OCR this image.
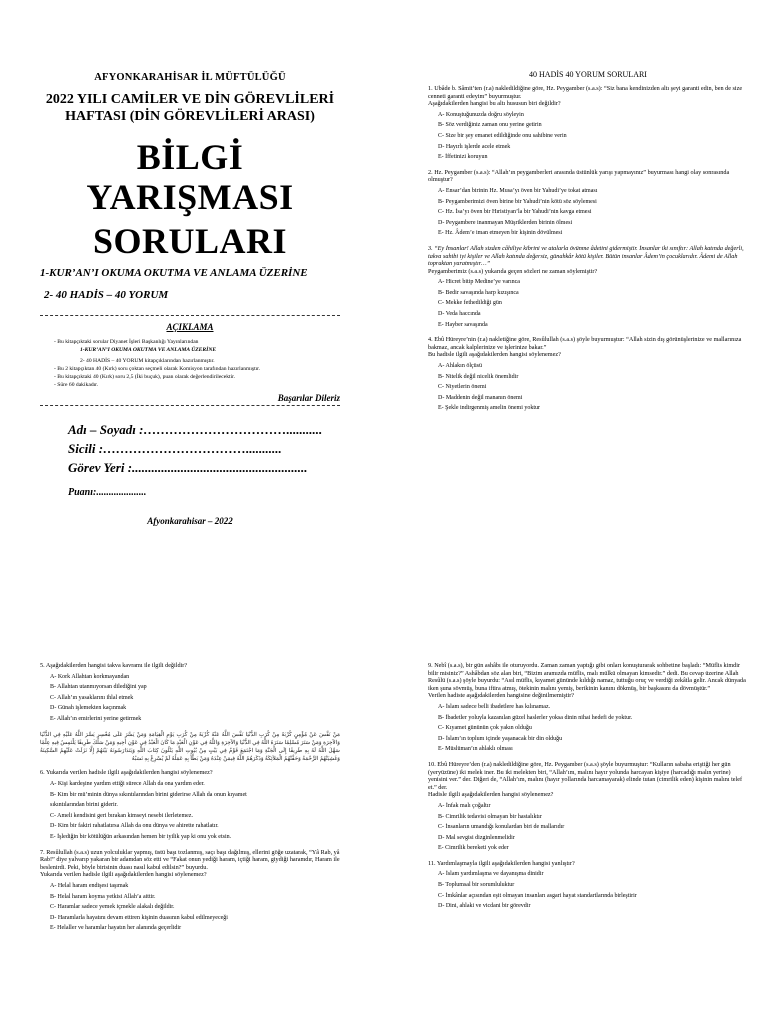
AFYONKARAHİSAR İL MÜFTÜLÜĞÜ
2022 YILI CAMİLER VE DİN GÖREVLİLERİ
HAFTASI (DİN GÖREVLİLERİ ARASI)
BİLGİ YARIŞMASI
SORULARI
1-KUR’AN’I OKUMA OKUTMA VE ANLAMA ÜZERİNE
2- 40 HADİS – 40 YORUM
AÇIKLAMA
- Bu kitapçıktaki sorular Diyanet İşleri Başkanlığı Yayınlarından
1-KUR’AN’I OKUMA OKUTMA VE ANLAMA ÜZERİNE
2- 40 HADİS – 40 YORUM kitapçıklarından hazırlanmıştır.
- Bu 2 kitapçıktan 40 (Kırk) soru çoktan seçmeli olarak Komisyon tarafından hazırlanmıştır.
- Bu kitapçıktaki 40 (Kırk) soru 2,5 (İki buçuk), puan olarak değerlendirilecektir.
- Süre 60 dakikadır.
Başarılar Dileriz
Adı – Soyadı :……………………………...........
Sicili :……………………………...........
Görev Yeri :......................................................
Puanı:....................
Afyonkarahisar – 2022
40 HADİS 40 YORUM SORULARI
1. Ubâde b. Sâmit’ten (r.a) nakledildiğine göre, Hz. Peygamber (s.a.s): “Siz bana kendinizden altı şeyi garanti edin, ben de size cenneti garanti edeyim” buyurmuştur.
Aşağıdakilerden hangisi bu altı hususun biri değildir?
A- Konuştuğunuzda doğru söyleyin
B- Söz verdiğiniz zaman onu yerine getirin
C- Size bir şey emanet edildiğinde onu sahibine verin
D- Hayırlı işlerde acele etmek
E- İffetinizi koruyun
2. Hz. Peygamber (s.a.s): “Allah’ın peygamberleri arasında üstünlük yarışı yapmayınız” buyurması hangi olay sonrasında olmuştur?
A- Ensar’dan birinin Hz. Musa’yı öven bir Yahudi’ye tokat atması
B- Peygamberimizi öven birine bir Yahudi’nin kötü söz söylemesi
C- Hz. İsa’yı öven bir Hıristiyan’la bir Yahudi’nin kavga etmesi
D- Peygambere inanmayan Müşriklerden birinin ölmesi
E- Hz. Âdem’e iman etmeyen bir kişinin dövülmesi
3. “Ey İnsanlar! Allah sizden câhiliye kibrini ve atalarla övünme âdetini gidermiştir. İnsanlar iki sınıftır: Allah katında değerli, takva sahibi iyi kişiler ve Allah katında değersiz, günahkâr kötü kişiler. Bütün insanlar Âdem’in çocuklarıdır. Âdemi de Allah topraktan yaratmıştır…”
Peygamberimiz (s.a.s) yukarıda geçen sözleri ne zaman söylemiştir?
A- Hicret bitip Medine’ye varınca
B- Bedir savaşında harp kızışınca
C- Mekke fethedildiği gün
D- Veda haccında
E- Hayber savaşında
4. Ebû Hüreyre’nin (r.a) nakletiğine göre, Resûlullah (s.a.s) şöyle buyurmuştur: “Allah sizin dış görünüşlerinize ve mallarınıza bakmaz, ancak kalplerinize ve işlerinize bakar.”
Bu hadisle ilgili aşağıdakilerden hangisi söylenemez?
A- Ahlakın ölçüsü
B- Nitelik değil nicelik önemlidir
C- Niyetlerin önemi
D- Maddenin değil mananın önemi
E- Şekle indirgenmiş amelin önemi yoktur
5. Aşağıdakilerden hangisi takva kavramı ile ilgili değildir?
A- Kork Allahtan korkmayandan
B- Allahtan utanmıyorsan dilediğini yap
C- Allah’ın yasaklarını ihlal etmek
D- Günah işlemekten kaçınmak
E- Allah’ın emirlerini yerine getirmek
مَنْ نَفَّسَ عَنْ مُؤْمِنٍ كُرْبَةً مِنْ كُرَبِ الدُّنْيَا نَفَّسَ اللَّهُ عَنْهُ كُرْبَةً مِنْ كُرَبِ يَوْمِ الْقِيَامَةِ وَمَنْ يَسَّرَ عَلَى مُعْسِرٍ يَسَّرَ اللَّهُ عَلَيْهِ فِي الدُّنْيَا وَالآخِرَةِ وَمَنْ سَتَرَ مُسْلِمًا سَتَرَهُ اللَّهُ فِي الدُّنْيَا وَالآخِرَةِ وَاللَّهُ فِي عَوْنِ الْعَبْدِ مَا كَانَ الْعَبْدُ فِي عَوْنِ أَخِيهِ وَمَنْ سَلَكَ طَرِيقًا يَلْتَمِسُ فِيهِ عِلْمًا سَهَّلَ اللَّهُ لَهُ بِهِ طَرِيقًا إِلَى الْجَنَّةِ وَمَا اجْتَمَعَ قَوْمٌ فِي بَيْتٍ مِنْ بُيُوتِ اللَّهِ يَتْلُونَ كِتَابَ اللَّهِ وَيَتَدَارَسُونَهُ بَيْنَهُمْ إِلَّا نَزَلَتْ عَلَيْهِمُ السَّكِينَةُ وَغَشِيَتْهُمُ الرَّحْمَةُ وَحَفَّتْهُمُ الْمَلاَئِكَةُ وَذَكَرَهُمُ اللَّهُ فِيمَنْ عِنْدَهُ وَمَنْ بَطَّأَ بِهِ عَمَلُهُ لَمْ يُسْرِعْ بِهِ نَسَبُهُ
6. Yukarıda verilen hadisle ilgili aşağıdakilerden hangisi söylenemez?
A- Kişi kardeşine yardım ettiği sürece Allah da ona yardım eder.
B- Kim bir mü’minin dünya sıkıntılarından birini giderirse Allah da onun kıyamet
sıkıntılarından birini giderir.
C- Ameli kendisini geri bırakan kimseyi nesebi ilerletemez.
D- Kim bir fakiri rahatlatırsa Allah da onu dünya ve ahirette rahatlatır.
E- İşlediğin bir kötülüğün arkasından hemen bir iyilik yap ki onu yok etsin.
7. Resûlullah (s.a.s) uzun yolculuklar yapmış, üstü başı tozlanmış, saçı başı dağılmış, ellerini göğe uzatarak, “Yâ Rab, yâ Rab!” diye yalvarıp yakaran bir adamdan söz etti ve “Fakat onun yediği haram, içtiği haram, giydiği haramdır, Haram ile beslenirdi. Peki, böyle birisinin duası nasıl kabul edilsin?” buyurdu.
Yukarıda verilen hadisle ilgili aşağıdakilerden hangisi söylenemez?
A- Helal haram endişesi taşımak
B- Helal haram koyma yetkisi Allah’a aittir.
C- Haramlar sadece yemek içmekle alakalı değildir.
D- Haramlarla hayatını devam ettiren kişinin duasının kabul edilmeyeceği
E- Helaller ve haramlar hayatın her alanında geçerlidir
9. Nebî (s.a.s), bir gün ashâbı ile oturuyordu. Zaman zaman yaptığı gibi onları konuşturarak sohbetine başladı: “Müflis kimdir bilir misiniz?” Ashâbdan söz alan biri, “Bizim aramızda müflis, malı mülkü olmayan kimsedir.” dedi. Bu cevap üzerine Allah Resûlü (s.a.s) şöyle buyurdu: “Asıl müflis, kıyamet gününde kıldığı namaz, tuttuğu oruç ve verdiği zekâtla gelir. Ancak dünyada iken şuna sövmüş, buna iftira atmış, ötekinin malını yemiş, berikinin kanını dökmüş, bir başkasını da dövmüştür.”
Verilen hadiste aşağıdakilerden hangisine değinilmemiştir?
A- İslam sadece belli ibadetlere has kılınamaz.
B- İbadetler yoluyla kazanılan güzel haslerler yoksa dinin nihai hedefi de yoktur.
C- Kıyamet gününün çok yakın olduğu
D- İslam’ın toplum içinde yaşanacak bir din olduğu
E- Müslüman’ın ahlaklı olması
10. Ebû Hüreyre’den (r.a) nakledildiğine göre, Hz. Peygamber (s.a.s) şöyle buyurmuştur: “Kulların sabaha eriştiği her gün (yeryüzüne) iki melek iner. Bu iki melekten biri, “Allah’ım, malını hayır yolunda harcayan kişiye (harcadığı malın yerine) yenisini ver.” der. Diğeri de, “Allah’ım, malını (hayır yollarında harcamayarak) elinde tutan (cimrilik eden) kişinin malını telef et.” der.
Hadisle ilgili aşağıdakilerden hangisi söylenemez?
A- İnfak malı çoğaltır
B- Cimrilik tedavisi olmayan bir hastalıktır
C- İnsanların umandığı konulardan biri de mallarıdır
D- Mal sevgisi dizginlenmelidir
E- Cimrilik bereketi yok eder
11. Yardımlaşmayla ilgili aşağıdakilerden hangisi yanlıştır?
A- İslam yardımlaşma ve dayanışma dinidir
B- Toplumsal bir sorumluluktur
C- İmkânlar açısından eşit olmayan insanları asgari hayat standartlarında birleştirir
D- Dini, ahlaki ve vicdani bir görevdir
